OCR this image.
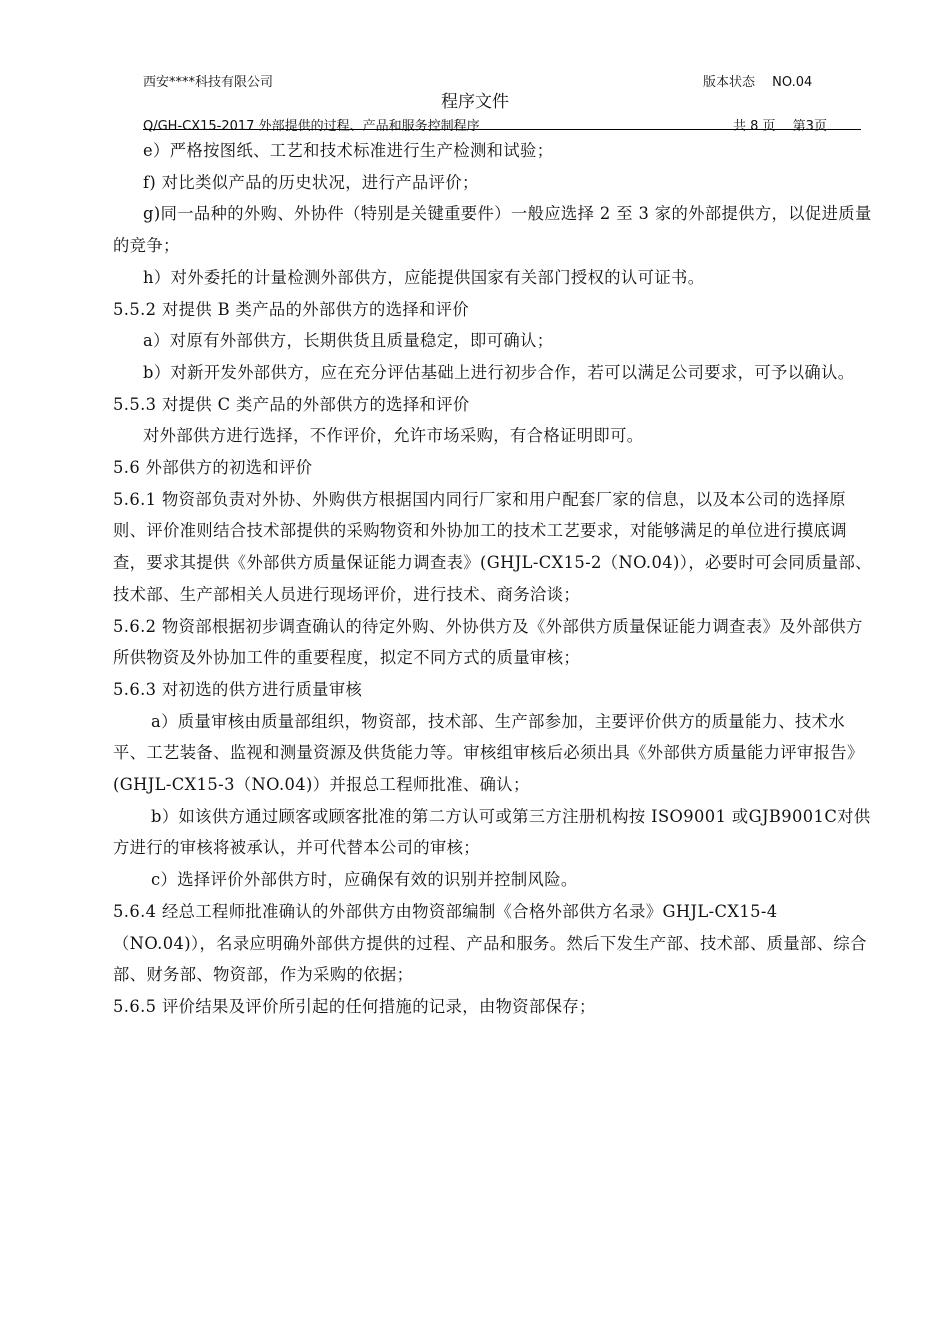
西安****科技有限公司	版本状态　 NO.04
程序文件
Q/GH-CX15-2017 外部提供的过程、产品和服务控制程序	共 8 页　 第3页

e）严格按图纸、工艺和技术标准进行生产检测和试验；

f) 对比类似产品的历史状况，进行产品评价；

g)同一品种的外购、外协件（特别是关键重要件）一般应选择 2 至 3 家的外部提供方，以促进质量的竞争；

h）对外委托的计量检测外部供方，应能提供国家有关部门授权的认可证书。

5.5.2 对提供 B 类产品的外部供方的选择和评价

a）对原有外部供方，长期供货且质量稳定，即可确认；

b）对新开发外部供方，应在充分评估基础上进行初步合作，若可以满足公司要求，可予以确认。

5.5.3 对提供 C 类产品的外部供方的选择和评价

对外部供方进行选择，不作评价，允许市场采购，有合格证明即可。

5.6 外部供方的初选和评价

5.6.1 物资部负责对外协、外购供方根据国内同行厂家和用户配套厂家的信息，以及本公司的选择原则、评价准则结合技术部提供的采购物资和外协加工的技术工艺要求，对能够满足的单位进行摸底调查，要求其提供《外部供方质量保证能力调查表》(GHJL-CX15-2（NO.04)），必要时可会同质量部、技术部、生产部相关人员进行现场评价，进行技术、商务洽谈；

5.6.2 物资部根据初步调查确认的待定外购、外协供方及《外部供方质量保证能力调查表》及外部供方所供物资及外协加工件的重要程度，拟定不同方式的质量审核；

5.6.3 对初选的供方进行质量审核

a）质量审核由质量部组织，物资部，技术部、生产部参加，主要评价供方的质量能力、技术水平、工艺装备、监视和测量资源及供货能力等。审核组审核后必须出具《外部供方质量能力评审报告》(GHJL-CX15-3（NO.04)）并报总工程师批准、确认；

b）如该供方通过顾客或顾客批准的第二方认可或第三方注册机构按 ISO9001 或GJB9001C对供方进行的审核将被承认，并可代替本公司的审核；

c）选择评价外部供方时，应确保有效的识别并控制风险。

5.6.4 经总工程师批准确认的外部供方由物资部编制《合格外部供方名录》GHJL-CX15-4（NO.04)），名录应明确外部供方提供的过程、产品和服务。然后下发生产部、技术部、质量部、综合部、财务部、物资部，作为采购的依据；

5.6.5 评价结果及评价所引起的任何措施的记录，由物资部保存；
